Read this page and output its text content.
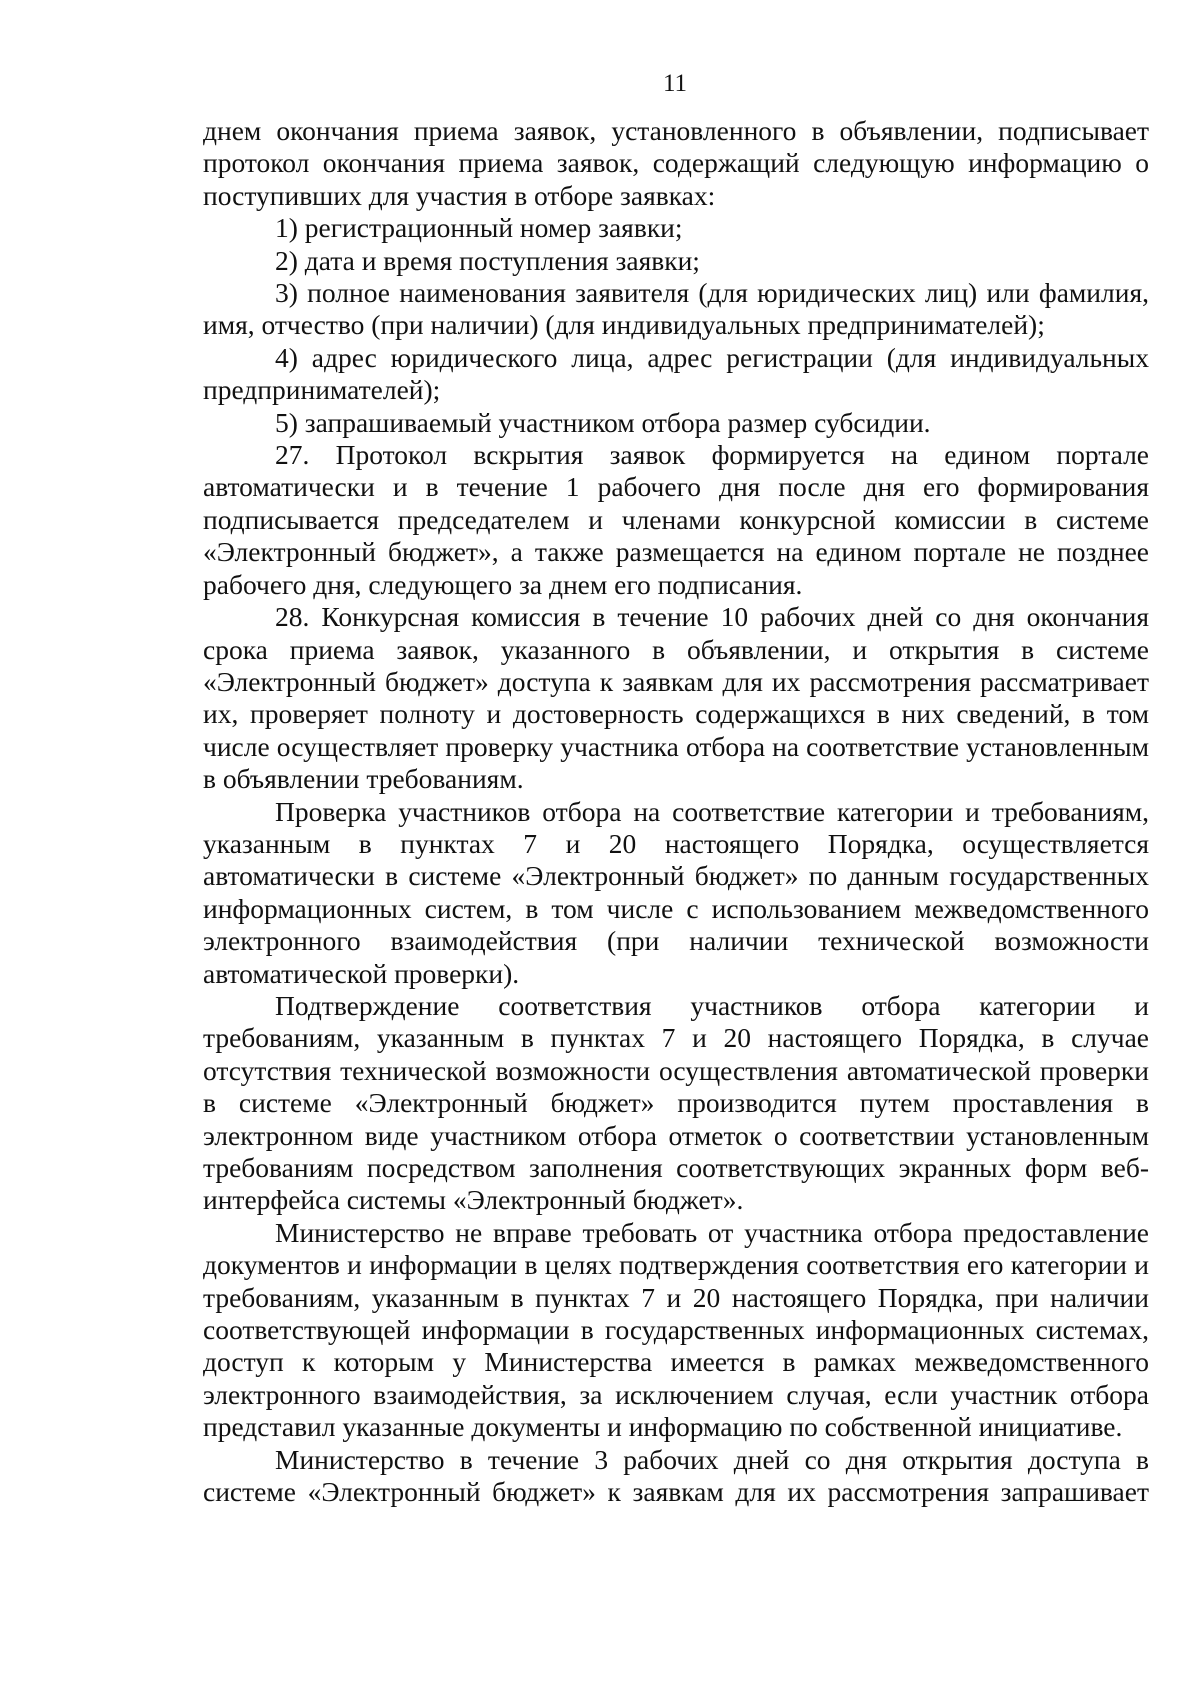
11

днем окончания приема заявок, установленного в объявлении, подписывает протокол окончания приема заявок, содержащий следующую информацию о поступивших для участия в отборе заявках:

1) регистрационный номер заявки;

2) дата и время поступления заявки;

3) полное наименования заявителя (для юридических лиц) или фамилия, имя, отчество (при наличии) (для индивидуальных предпринимателей);

4) адрес юридического лица, адрес регистрации (для индивидуальных предпринимателей);

5) запрашиваемый участником отбора размер субсидии.

27. Протокол вскрытия заявок формируется на едином портале автоматически и в течение 1 рабочего дня после дня его формирования подписывается председателем и членами конкурсной комиссии в системе «Электронный бюджет», а также размещается на едином портале не позднее рабочего дня, следующего за днем его подписания.

28. Конкурсная комиссия в течение 10 рабочих дней со дня окончания срока приема заявок, указанного в объявлении, и открытия в системе «Электронный бюджет» доступа к заявкам для их рассмотрения рассматривает их, проверяет полноту и достоверность содержащихся в них сведений, в том числе осуществляет проверку участника отбора на соответствие установленным в объявлении требованиям.

Проверка участников отбора на соответствие категории и требованиям, указанным в пунктах 7 и 20 настоящего Порядка, осуществляется автоматически в системе «Электронный бюджет» по данным государственных информационных систем, в том числе с использованием межведомственного электронного взаимодействия (при наличии технической возможности автоматической проверки).

Подтверждение соответствия участников отбора категории и требованиям, указанным в пунктах 7 и 20 настоящего Порядка, в случае отсутствия технической возможности осуществления автоматической проверки в системе «Электронный бюджет» производится путем проставления в электронном виде участником отбора отметок о соответствии установленным требованиям посредством заполнения соответствующих экранных форм веб-интерфейса системы «Электронный бюджет».

Министерство не вправе требовать от участника отбора предоставление документов и информации в целях подтверждения соответствия его категории и требованиям, указанным в пунктах 7 и 20 настоящего Порядка, при наличии соответствующей информации в государственных информационных системах, доступ к которым у Министерства имеется в рамках межведомственного электронного взаимодействия, за исключением случая, если участник отбора представил указанные документы и информацию по собственной инициативе.

Министерство в течение 3 рабочих дней со дня открытия доступа в системе «Электронный бюджет» к заявкам для их рассмотрения запрашивает
